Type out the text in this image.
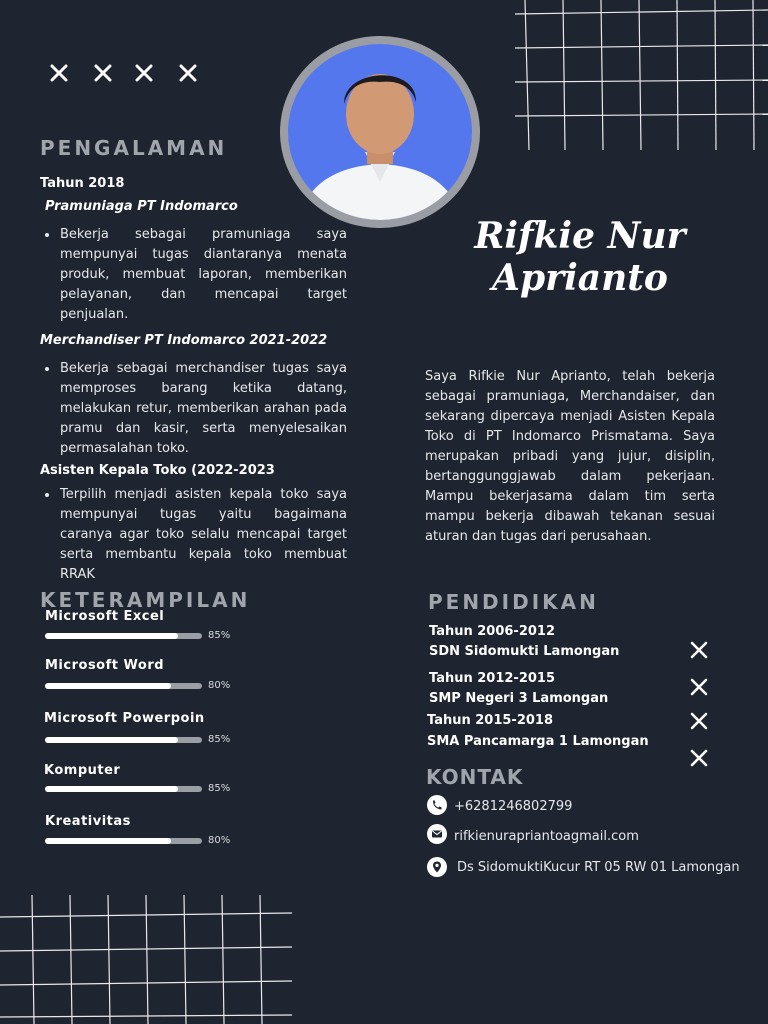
Rifkie Nur

Aprianto

Saya Rifkie Nur Aprianto, telah bekerja sebagai pramuniaga, Merchandaiser, dan sekarang dipercaya menjadi Asisten Kepala Toko di PT Indomarco Prismatama. Saya merupakan pribadi yang jujur, disiplin, bertanggunggjawab dalam pekerjaan. Mampu bekerjasama dalam tim serta mampu bekerja dibawah tekanan sesuai aturan dan tugas dari perusahaan.

PENGALAMAN

Tahun 2018

Pramuniaga PT Indomarco

Bekerja sebagai pramuniaga saya mempunyai tugas diantaranya menata produk, membuat laporan, memberikan pelayanan, dan mencapai target
penjualan.

Merchandiser PT Indomarco 2021-2022

Bekerja sebagai merchandiser tugas saya memproses barang ketika datang, melakukan retur, memberikan arahan pada pramu dan kasir, serta menyelesaikan
permasalahan toko.

Asisten Kepala Toko (2022-2023

Terpilih menjadi asisten kepala toko saya mempunyai tugas yaitu bagaimana caranya agar toko selalu mencapai target serta membantu kepala toko membuat
RRAK
KETERAMPILAN

Microsoft Excel

85%

Microsoft Word

80%

Microsoft Powerpoin

85%

Komputer

85%

Kreativitas

80%

PENDIDIKAN

Tahun 2006-2012

SDN Sidomukti Lamongan

Tahun 2012-2015

SMP Negeri 3 Lamongan

Tahun 2015-2018

SMA Pancamarga 1 Lamongan

KONTAK

+6281246802799

rifkienurapriantoagmail.com

Ds SidomuktiKucur RT 05 RW 01 Lamongan
